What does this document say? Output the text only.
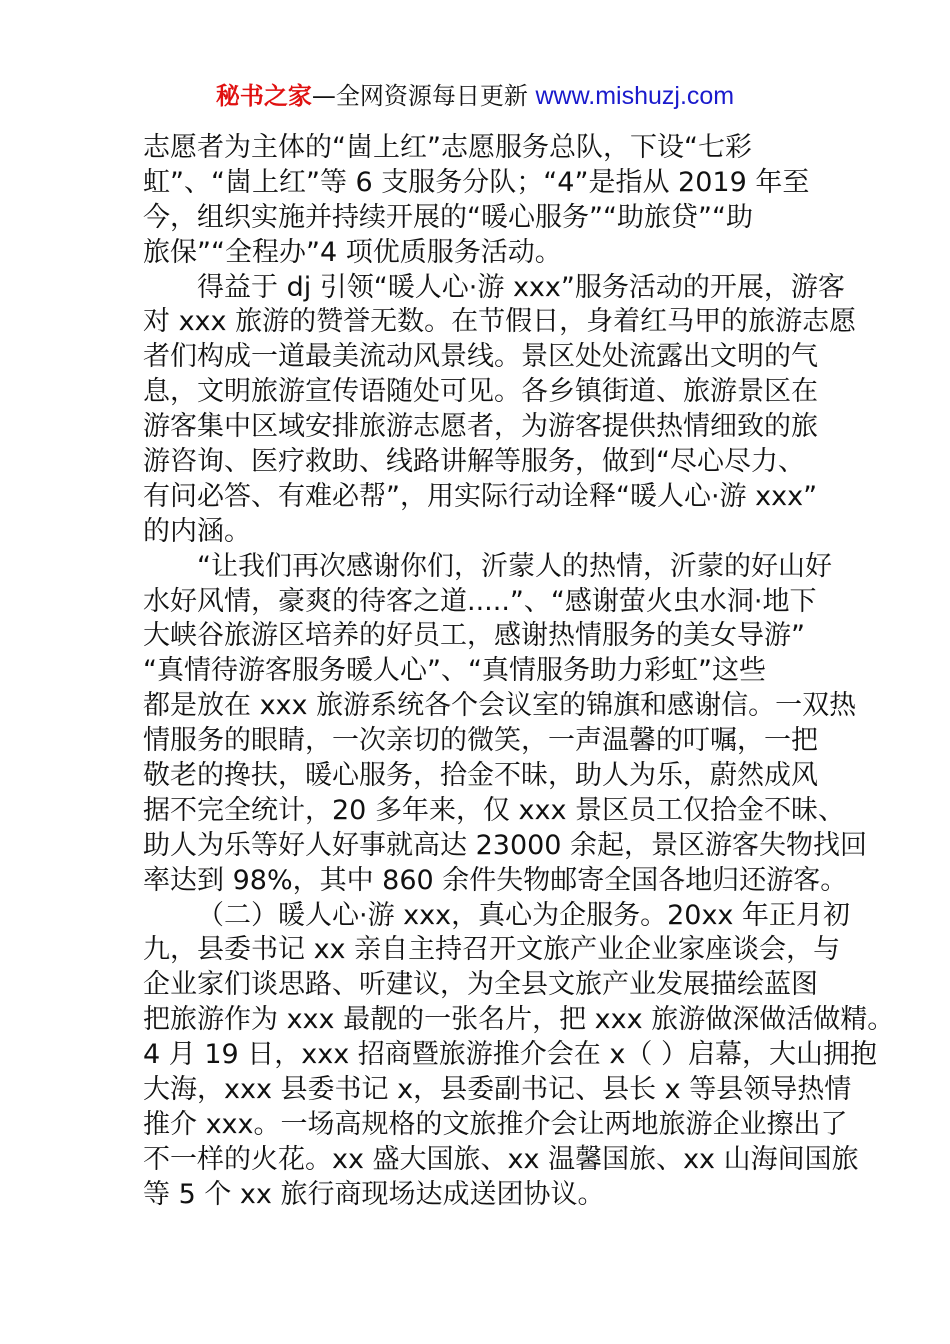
秘书之家—全网资源每日更新 www.mishuzj.com
志愿者为主体的“崮上红”志愿服务总队，下设“七彩
虹”、“崮上红”等 6 支服务分队；“4”是指从 2019 年至
今，组织实施并持续开展的“暖心服务”“助旅贷”“助
旅保”“全程办”4 项优质服务活动。
得益于 dj 引领“暖人心·游 xxx”服务活动的开展，游客
对 xxx 旅游的赞誉无数。在节假日，身着红马甲的旅游志愿
者们构成一道最美流动风景线。景区处处流露出文明的气
息，文明旅游宣传语随处可见。各乡镇街道、旅游景区在
游客集中区域安排旅游志愿者，为游客提供热情细致的旅
游咨询、医疗救助、线路讲解等服务，做到“尽心尽力、
有问必答、有难必帮”，用实际行动诠释“暖人心·游 xxx”
的内涵。
“让我们再次感谢你们，沂蒙人的热情，沂蒙的好山好
水好风情，豪爽的待客之道.....”、“感谢萤火虫水洞·地下
大峡谷旅游区培养的好员工，感谢热情服务的美女导游”
“真情待游客服务暖人心”、“真情服务助力彩虹”这些
都是放在 xxx 旅游系统各个会议室的锦旗和感谢信。一双热
情服务的眼睛，一次亲切的微笑，一声温馨的叮嘱，一把
敬老的搀扶，暖心服务，拾金不昧，助人为乐，蔚然成风
据不完全统计，20 多年来，仅 xxx 景区员工仅拾金不昧、
助人为乐等好人好事就高达 23000 余起，景区游客失物找回
率达到 98%，其中 860 余件失物邮寄全国各地归还游客。
（二）暖人心·游 xxx，真心为企服务。20xx 年正月初
九，县委书记 xx 亲自主持召开文旅产业企业家座谈会，与
企业家们谈思路、听建议，为全县文旅产业发展描绘蓝图
把旅游作为 xxx 最靓的一张名片，把 xxx 旅游做深做活做精。
4 月 19 日，xxx 招商暨旅游推介会在 x（ ）启幕，大山拥抱
大海，xxx 县委书记 x，县委副书记、县长 x 等县领导热情
推介 xxx。一场高规格的文旅推介会让两地旅游企业擦出了
不一样的火花。xx 盛大国旅、xx 温馨国旅、xx 山海间国旅
等 5 个 xx 旅行商现场达成送团协议。
